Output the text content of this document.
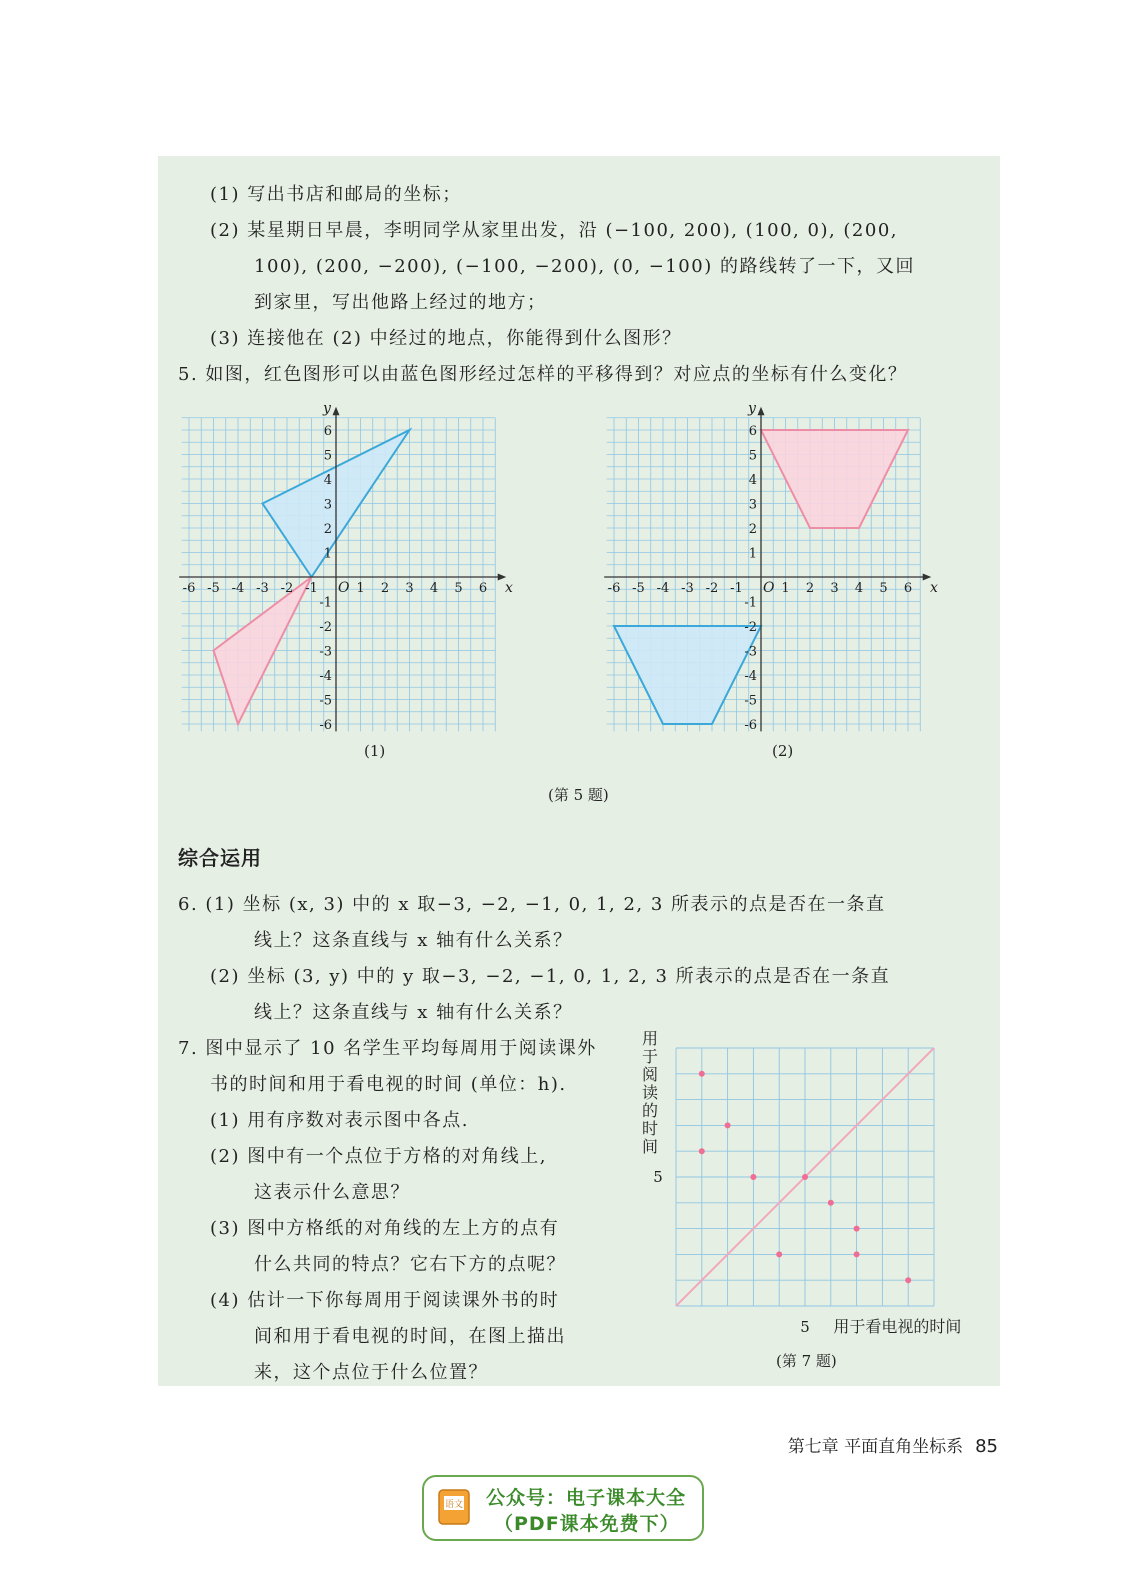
(1) 写出书店和邮局的坐标；
(2) 某星期日早晨，李明同学从家里出发，沿 (−100, 200), (100, 0), (200,
100), (200, −200), (−100, −200), (0, −100) 的路线转了一下，又回
到家里，写出他路上经过的地方；
(3) 连接他在 (2) 中经过的地点，你能得到什么图形？
5. 如图，红色图形可以由蓝色图形经过怎样的平移得到？对应点的坐标有什么变化？
-6 -5 -4 -3 -2 -1	1 2 3 4 5 6
-6
-5
-4
-3
-2
-1
1
2
3
4
5
6
O	x
y
-6 -5 -4 -3 -2 -1	1 2 3 4 5 6
-6
-5
-4
-3
-2
-1
1
2
3
4
5
6
O	x
y
(1)	(2)
(第 5 题)
综合运用
6. (1) 坐标 (x, 3) 中的 x 取−3, −2, −1, 0, 1, 2, 3 所表示的点是否在一条直
线上？这条直线与 x 轴有什么关系？
(2) 坐标 (3, y) 中的 y 取−3, −2, −1, 0, 1, 2, 3 所表示的点是否在一条直
线上？这条直线与 x 轴有什么关系？
7. 图中显示了 10 名学生平均每周用于阅读课外
书的时间和用于看电视的时间 (单位：h).
(1) 用有序数对表示图中各点.
(2) 图中有一个点位于方格的对角线上,
这表示什么意思？
(3) 图中方格纸的对角线的左上方的点有
什么共同的特点？它右下方的点呢？
(4) 估计一下你每周用于阅读课外书的时
间和用于看电视的时间，在图上描出
来，这个点位于什么位置？
用
于
阅
读
的
时
间
5
5 用于看电视的时间
(第 7 题)
第七章 平面直角坐标系 85
语文 公众号：电子课本大全
（PDF课本免费下）
